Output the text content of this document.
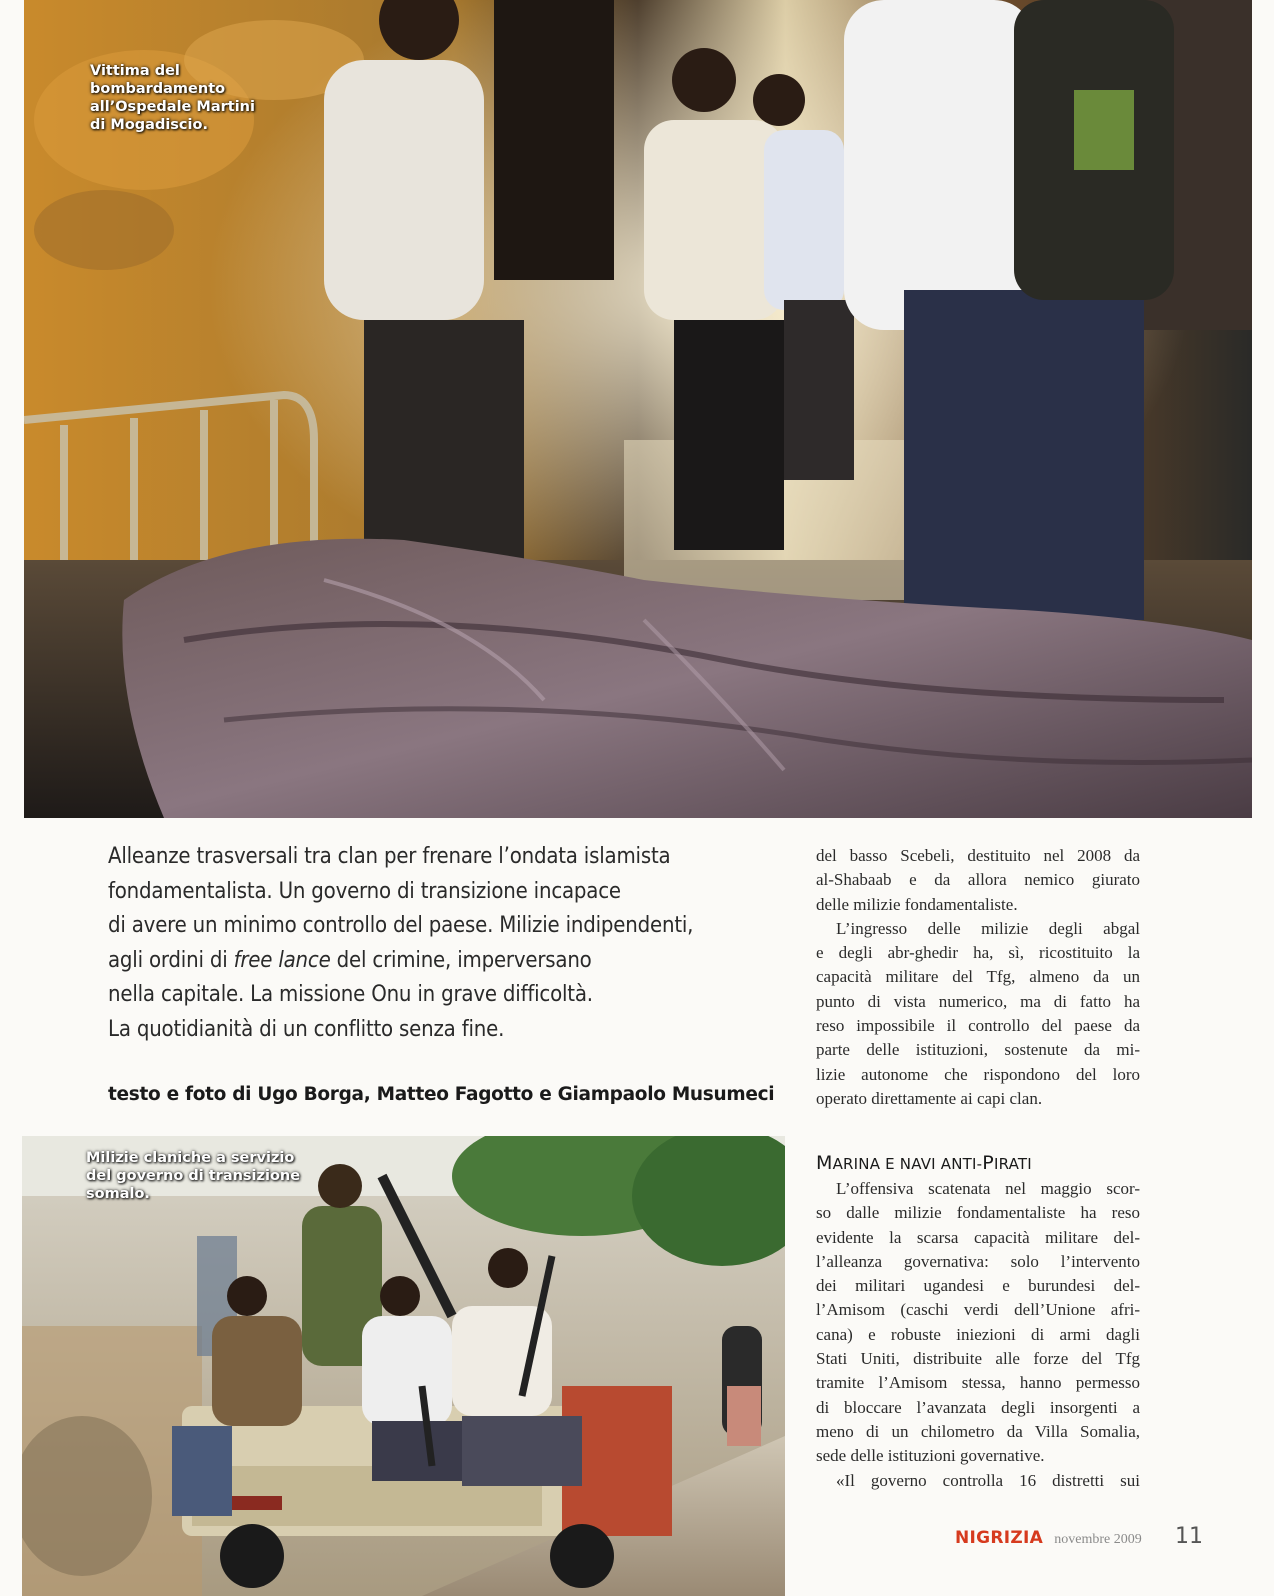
Vittima del bombardamento
all’Ospedale Martini
di Mogadiscio.
Alleanze trasversali tra clan per frenare l’ondata islamista
fondamentalista. Un governo di transizione incapace
di avere un minimo controllo del paese. Milizie indipendenti,
agli ordini di free lance del crimine, imperversano
nella capitale. La missione Onu in grave difficoltà.
La quotidianità di un conflitto senza fine.
testo e foto di Ugo Borga, Matteo Fagotto e Giampaolo Musumeci
del basso Scebeli, destituito nel 2008 da
al-Shabaab e da allora nemico giurato
delle milizie fondamentaliste.
L’ingresso delle milizie degli abgal
e degli abr-ghedir ha, sì, ricostituito la
capacità militare del Tfg, almeno da un
punto di vista numerico, ma di fatto ha
reso impossibile il controllo del paese da
parte delle istituzioni, sostenute da mi-
lizie autonome che rispondono del loro
operato direttamente ai capi clan.
Milizie claniche a servizio
del governo di transizione
somalo.
MARINA E NAVI ANTI-PIRATI
L’offensiva scatenata nel maggio scor-
so dalle milizie fondamentaliste ha reso
evidente la scarsa capacità militare del-
l’alleanza governativa: solo l’intervento
dei militari ugandesi e burundesi del-
l’Amisom (caschi verdi dell’Unione afri-
cana) e robuste iniezioni di armi dagli
Stati Uniti, distribuite alle forze del Tfg
tramite l’Amisom stessa, hanno permesso
di bloccare l’avanzata degli insorgenti a
meno di un chilometro da Villa Somalia,
sede delle istituzioni governative.
«Il governo controlla 16 distretti sui
NIGRIZIA novembre 2009 11
